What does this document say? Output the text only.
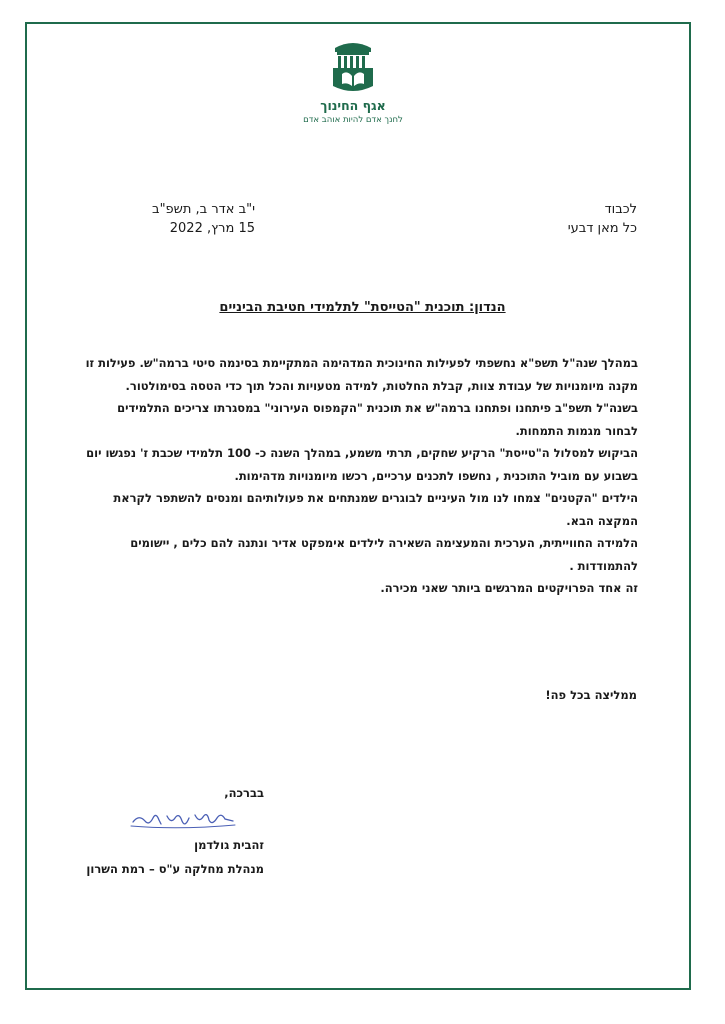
עיריית רמת השרון
אגף החינוך
לחנך אדם להיות אוהב אדם
לכבוד
כל מאן דבעי
י"ב אדר ב, תשפ"ב
15 מרץ, 2022
הנדון: תוכנית "הטייסת" לתלמידי חטיבת הביניים

במהלך שנה"ל תשפ"א נחשפתי לפעילות החינוכית המדהימה המתקיימת בסינמה סיטי ברמה"ש. פעילות זו מקנה מיומנויות של עבודת צוות, קבלת החלטות, למידה מטעויות והכל תוך כדי הטסה בסימולטור.

בשנה"ל תשפ"ב פיתחנו ופתחנו ברמה"ש את תוכנית "הקמפוס העירוני" במסגרתו צריכים התלמידים לבחור מגמות התמחות.

הביקוש למסלול ה"טייסת" הרקיע שחקים, תרתי משמע, במהלך השנה כ- 100 תלמידי שכבת ז' נפגשו יום בשבוע עם מוביל התוכנית , נחשפו לתכנים ערכיים, רכשו מיומנויות מדהימות.

הילדים "הקטנים" צמחו לנו מול העיניים לבוגרים שמנתחים את פעולותיהם ומנסים להשתפר לקראת המקצה הבא.

הלמידה החווייתית, הערכית והמעצימה השאירה לילדים אימפקט אדיר ונתנה להם כלים , יישומים להתמודדות .

זה אחד הפרויקטים המרגשים ביותר שאני מכירה.

ממליצה בכל פה!
בברכה,
זהבית גולדמן
מנהלת מחלקה ע"ס – רמת השרון
